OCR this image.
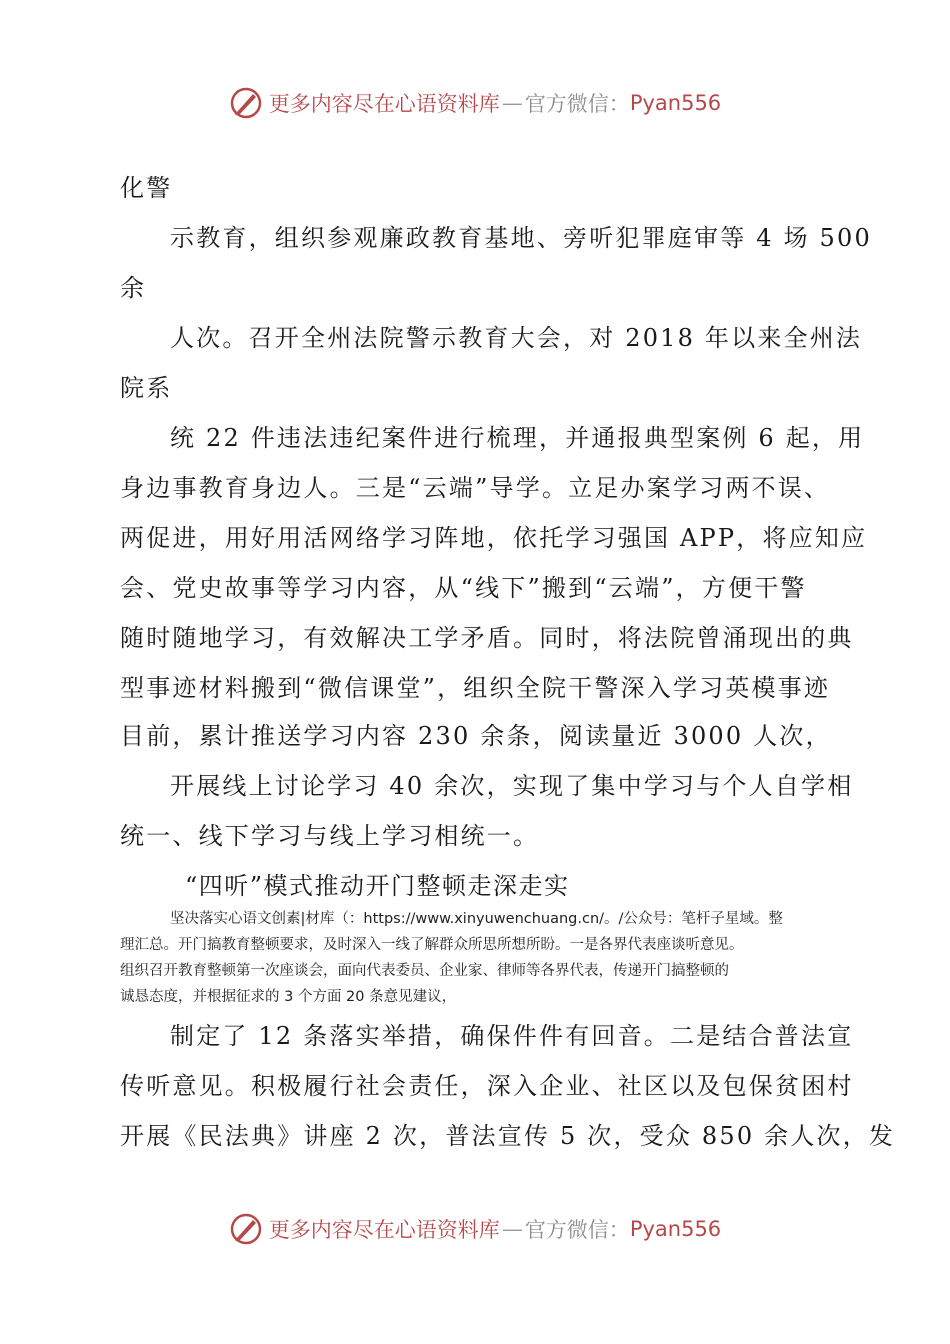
更多内容尽在心语资料库 — 官方微信： Pyan556
化警
示教育，组织参观廉政教育基地、旁听犯罪庭审等 4 场 500
余
人次。召开全州法院警示教育大会，对 2018 年以来全州法
院系
统 22 件违法违纪案件进行梳理，并通报典型案例 6 起，用
身边事教育身边人。三是“云端”导学。立足办案学习两不误、
两促进，用好用活网络学习阵地，依托学习强国 APP，将应知应
会、党史故事等学习内容，从“线下”搬到“云端”，方便干警
随时随地学习，有效解决工学矛盾。同时，将法院曾涌现出的典
型事迹材料搬到“微信课堂”，组织全院干警深入学习英模事迹
目前，累计推送学习内容 230 余条，阅读量近 3000 人次，
开展线上讨论学习 40 余次，实现了集中学习与个人自学相
统一、线下学习与线上学习相统一。
“四听”模式推动开门整顿走深走实
坚决落实心语文创素|材库（：https://www.xinyuwenchuang.cn/。/公众号：笔杆子星域。整
理汇总。开门搞教育整顿要求，及时深入一线了解群众所思所想所盼。一是各界代表座谈听意见。
组织召开教育整顿第一次座谈会，面向代表委员、企业家、律师等各界代表，传递开门搞整顿的
诚恳态度，并根据征求的 3 个方面 20 条意见建议，
制定了 12 条落实举措，确保件件有回音。二是结合普法宣
传听意见。积极履行社会责任，深入企业、社区以及包保贫困村
开展《民法典》讲座 2 次，普法宣传 5 次，受众 850 余人次，发
更多内容尽在心语资料库 — 官方微信： Pyan556
